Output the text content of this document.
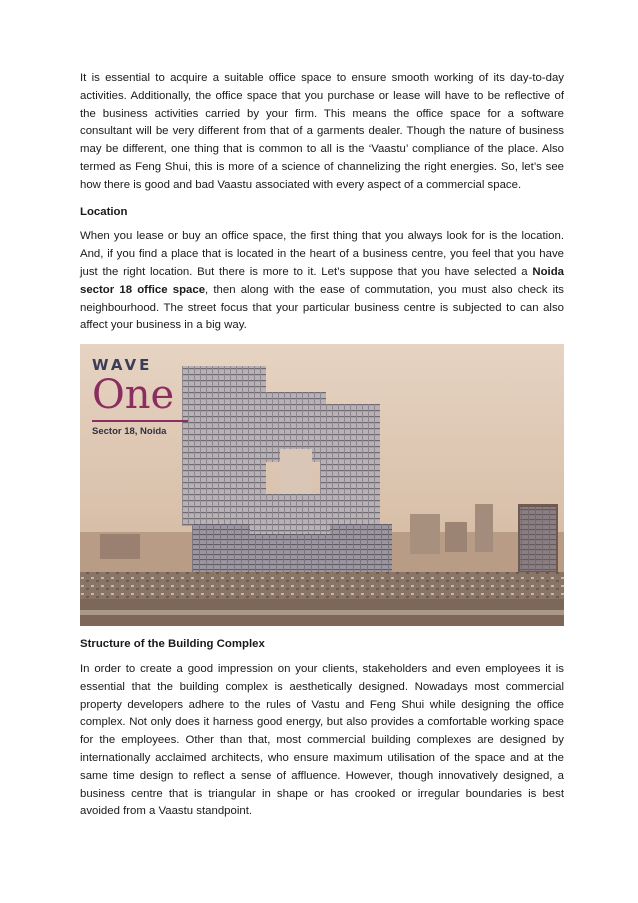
It is essential to acquire a suitable office space to ensure smooth working of its day-to-day activities. Additionally, the office space that you purchase or lease will have to be reflective of the business activities carried by your firm. This means the office space for a software consultant will be very different from that of a garments dealer. Though the nature of business may be different, one thing that is common to all is the ‘Vaastu’ compliance of the place. Also termed as Feng Shui, this is more of a science of channelizing the right energies. So, let’s see how there is good and bad Vaastu associated with every aspect of a commercial space.

Location

When you lease or buy an office space, the first thing that you always look for is the location. And, if you find a place that is located in the heart of a business centre, you feel that you have just the right location. But there is more to it. Let’s suppose that you have selected a Noida sector 18 office space, then along with the ease of commutation, you must also check its neighbourhood. The street focus that your particular business centre is subjected to can also affect your business in a big way.

WAVE
One
Sector 18, Noida
Structure of the Building Complex

In order to create a good impression on your clients, stakeholders and even employees it is essential that the building complex is aesthetically designed. Nowadays most commercial property developers adhere to the rules of Vastu and Feng Shui while designing the office complex. Not only does it harness good energy, but also provides a comfortable working space for the employees. Other than that, most commercial building complexes are designed by internationally acclaimed architects, who ensure maximum utilisation of the space and at the same time design to reflect a sense of affluence. However, though innovatively designed, a business centre that is triangular in shape or has crooked or irregular boundaries is best avoided from a Vaastu standpoint.
